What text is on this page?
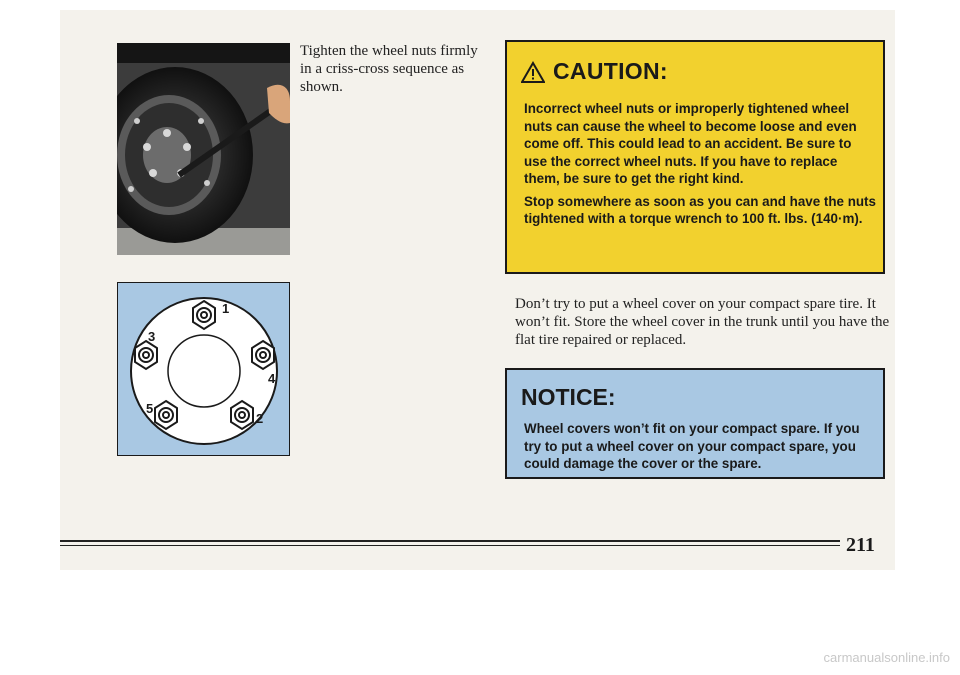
Tighten the wheel nuts firmly in a criss-cross sequence as shown.
1
4
2
5
3
CAUTION:

Incorrect wheel nuts or improperly tightened wheel nuts can cause the wheel to become loose and even come off. This could lead to an accident. Be sure to use the correct wheel nuts. If you have to replace them, be sure to get the right kind.

Stop somewhere as soon as you can and have the nuts tightened with a torque wrench to 100 ft. lbs. (140·m).

Don’t try to put a wheel cover on your compact spare tire. It won’t fit. Store the wheel cover in the trunk until you have the flat tire repaired or replaced.
NOTICE:
Wheel covers won’t fit on your compact spare. If you try to put a wheel cover on your compact spare, you could damage the cover or the spare.
211
carmanualsonline.info
